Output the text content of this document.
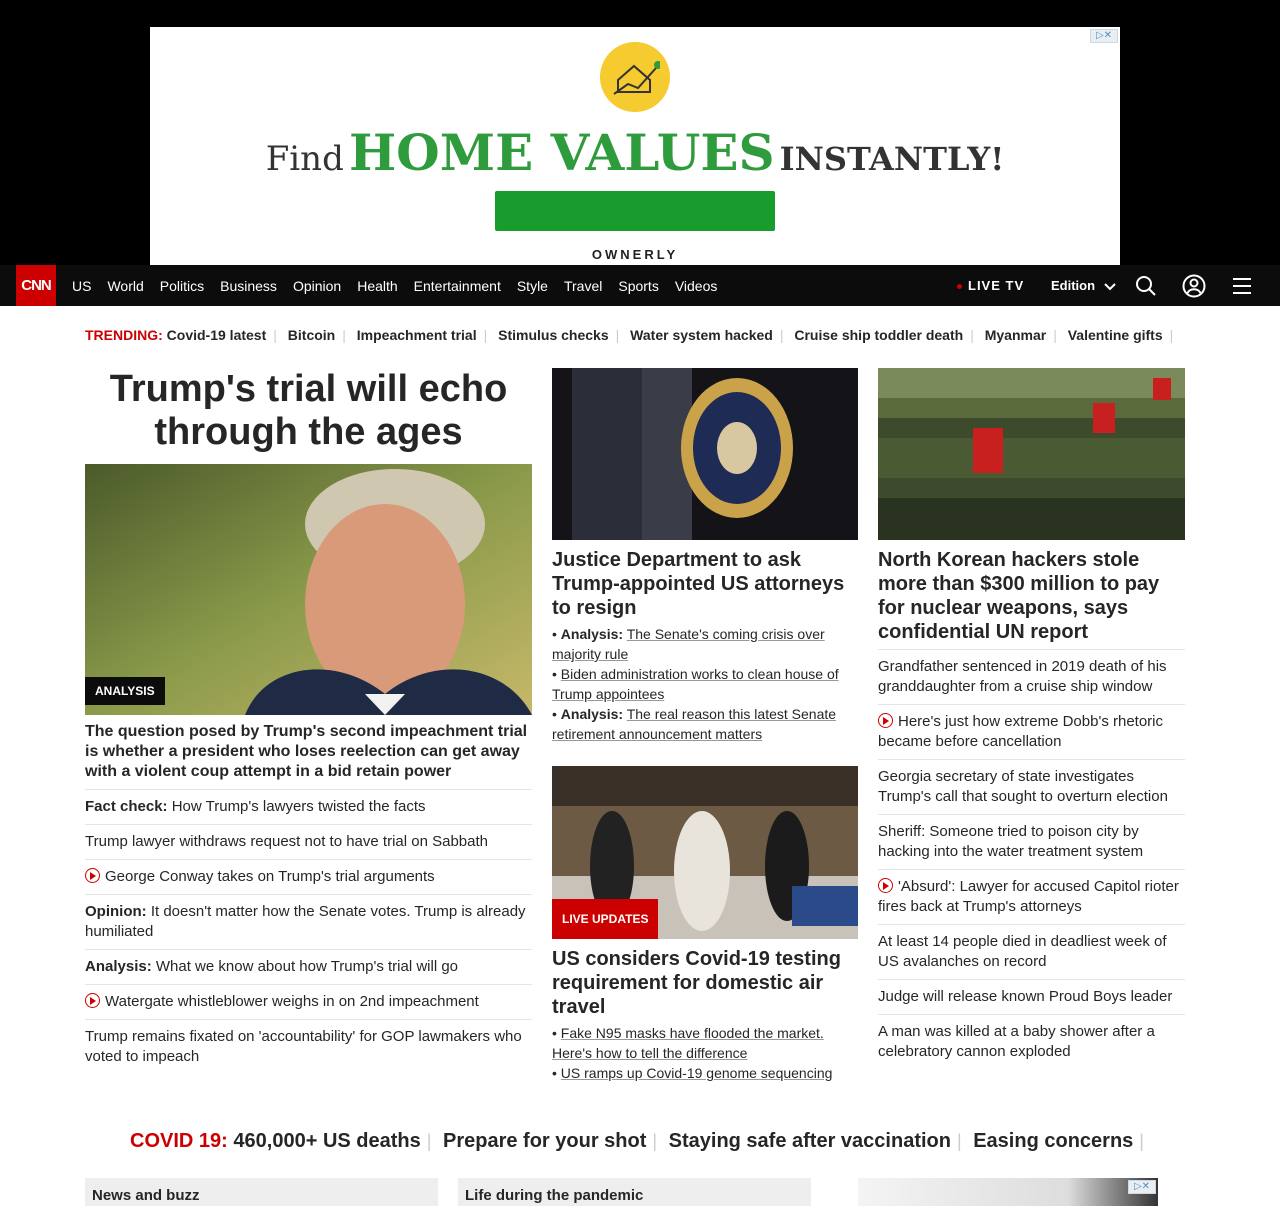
Find HOME VALUES INSTANTLY!
OWNERLY
▷✕
CNN	US World Politics Business Opinion Health Entertainment Style Travel Sports Videos	LIVE TV Edition
TRENDING: Covid-19 latest | Bitcoin | Impeachment trial | Stimulus checks | Water system hacked | Cruise ship toddler death | Myanmar | Valentine gifts |
Trump's trial will echo through the ages
ANALYSIS
The question posed by Trump's second impeachment trial is whether a president who loses reelection can get away with a violent coup attempt in a bid retain power
Fact check: How Trump's lawyers twisted the facts
Trump lawyer withdraws request not to have trial on Sabbath
George Conway takes on Trump's trial arguments
Opinion: It doesn't matter how the Senate votes. Trump is already humiliated
Analysis: What we know about how Trump's trial will go
Watergate whistleblower weighs in on 2nd impeachment
Trump remains fixated on 'accountability' for GOP lawmakers who voted to impeach
Justice Department to ask Trump-appointed US attorneys to resign
• Analysis: The Senate's coming crisis over majority rule
• Biden administration works to clean house of Trump appointees
• Analysis: The real reason this latest Senate retirement announcement matters
LIVE UPDATES
US considers Covid-19 testing requirement for domestic air travel
• Fake N95 masks have flooded the market. Here's how to tell the difference
• US ramps up Covid-19 genome sequencing
North Korean hackers stole more than $300 million to pay for nuclear weapons, says confidential UN report
Grandfather sentenced in 2019 death of his granddaughter from a cruise ship window
Here's just how extreme Dobb's rhetoric became before cancellation
Georgia secretary of state investigates Trump's call that sought to overturn election
Sheriff: Someone tried to poison city by hacking into the water treatment system
'Absurd': Lawyer for accused Capitol rioter fires back at Trump's attorneys
At least 14 people died in deadliest week of US avalanches on record
Judge will release known Proud Boys leader
A man was killed at a baby shower after a celebratory cannon exploded
COVID 19: 460,000+ US deaths | Prepare for your shot | Staying safe after vaccination | Easing concerns |
News and buzz	Life during the pandemic
▷✕
